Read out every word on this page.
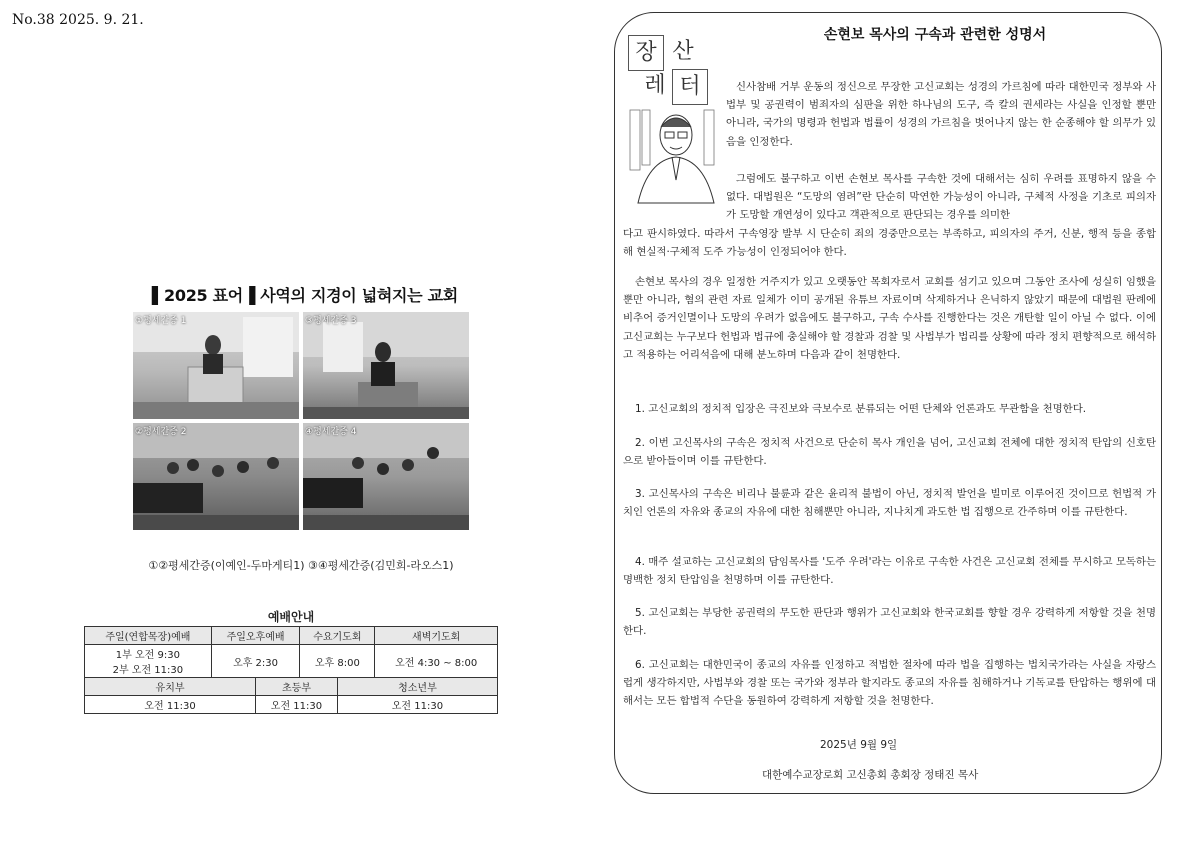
No.38 2025. 9. 21.
▌2025 표어▐ 사역의 지경이 넓혀지는 교회
①평세간증 1	③평세간증 3
②평세간증 2	④평세간증 4
①②평세간증(이예인-두마게티1) ③④평세간증(김민희-라오스1)
예배안내					
주일(연합목장)예배	주일오후예배		수요기도회		새벽기도회

1부 오전 9:30
2부 오전 11:30	오후 2:30		오후 8:00		오전 4:30 ~ 8:00
유치부		초등부		청소년부	
오전 11:30		오전 11:30		오전 11:30	
장 산
레 터
손현보 목사의 구속과 관련한 성명서
신사참배 거부 운동의 정신으로 무장한 고신교회는 성경의 가르침에 따라 대한민국 정부와 사법부 및 공권력이 범죄자의 심판을 위한 하나님의 도구, 즉 칼의 권세라는 사실을 인정할 뿐만 아니라, 국가의 명령과 헌법과 법률이 성경의 가르침을 벗어나지 않는 한 순종해야 할 의무가 있음을 인정한다.
그럼에도 불구하고 이번 손현보 목사를 구속한 것에 대해서는 심히 우려를 표명하지 않을 수 없다. 대법원은 “도망의 염려”란 단순히 막연한 가능성이 아니라, 구체적 사정을 기초로 피의자가 도망할 개연성이 있다고 객관적으로 판단되는 경우를 의미한
다고 판시하였다. 따라서 구속영장 발부 시 단순히 죄의 경중만으로는 부족하고, 피의자의 주거, 신분, 행적 등을 종합해 현실적·구체적 도주 가능성이 인정되어야 한다.
손현보 목사의 경우 일정한 거주지가 있고 오랫동안 목회자로서 교회를 섬기고 있으며 그동안 조사에 성실히 임했을 뿐만 아니라, 혐의 관련 자료 일체가 이미 공개된 유튜브 자료이며 삭제하거나 은닉하지 않았기 때문에 대법원 판례에 비추어 증거인멸이나 도망의 우려가 없음에도 불구하고, 구속 수사를 진행한다는 것은 개탄할 일이 아닐 수 없다. 이에 고신교회는 누구보다 헌법과 법규에 충실해야 할 경찰과 검찰 및 사법부가 법리를 상황에 따라 정치 편향적으로 해석하고 적용하는 어리석음에 대해 분노하며 다음과 같이 천명한다.
1. 고신교회의 정치적 입장은 극진보와 극보수로 분류되는 어떤 단체와 언론과도 무관함을 천명한다.
2. 이번 고신목사의 구속은 정치적 사건으로 단순히 목사 개인을 넘어, 고신교회 전체에 대한 정치적 탄압의 신호탄으로 받아들이며 이를 규탄한다.
3. 고신목사의 구속은 비리나 불륜과 같은 윤리적 불법이 아닌, 정치적 발언을 빌미로 이루어진 것이므로 헌법적 가치인 언론의 자유와 종교의 자유에 대한 침해뿐만 아니라, 지나치게 과도한 법 집행으로 간주하며 이를 규탄한다.
4. 매주 설교하는 고신교회의 담임목사를 '도주 우려'라는 이유로 구속한 사건은 고신교회 전체를 무시하고 모독하는 명백한 정치 탄압임을 천명하며 이를 규탄한다.
5. 고신교회는 부당한 공권력의 무도한 판단과 행위가 고신교회와 한국교회를 향할 경우 강력하게 저항할 것을 천명한다.
6. 고신교회는 대한민국이 종교의 자유를 인정하고 적법한 절차에 따라 법을 집행하는 법치국가라는 사실을 자랑스럽게 생각하지만, 사법부와 경찰 또는 국가와 정부라 할지라도 종교의 자유를 침해하거나 기독교를 탄압하는 행위에 대해서는 모든 합법적 수단을 동원하여 강력하게 저항할 것을 천명한다.
2025년 9월 9일
대한예수교장로회 고신총회 총회장 정태진 목사
